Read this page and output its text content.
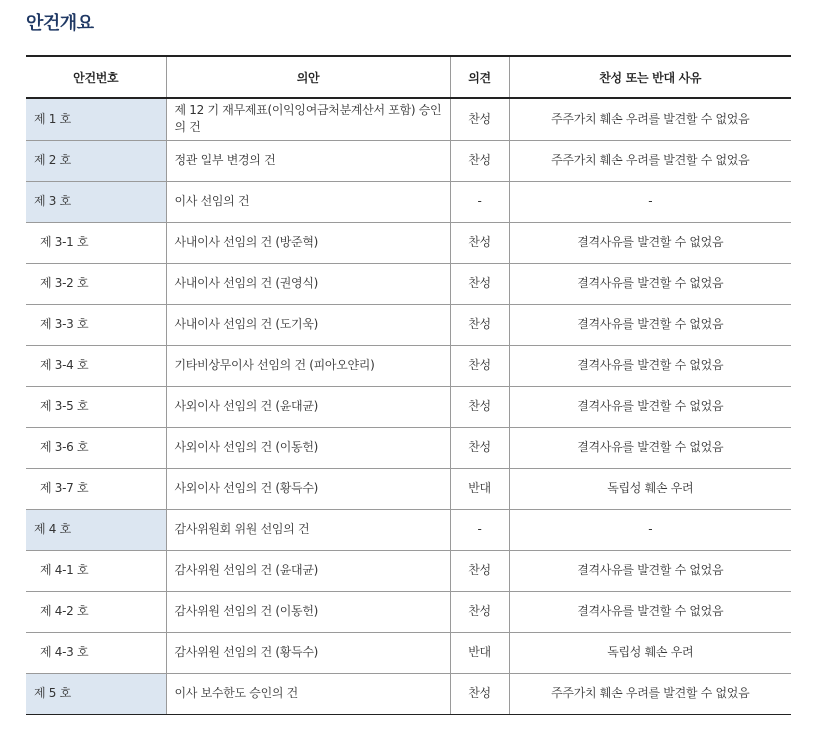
안건개요
안건번호	의안	의견	찬성 또는 반대 사유
제 1 호	제 12 기 재무제표(이익잉여금처분계산서 포함) 승인의 건	찬성	주주가치 훼손 우려를 발견할 수 없었음
제 2 호	정관 일부 변경의 건	찬성	주주가치 훼손 우려를 발견할 수 없었음
제 3 호	이사 선임의 건	-	-
제 3-1 호	사내이사 선임의 건 (방준혁)	찬성	결격사유를 발견할 수 없었음
제 3-2 호	사내이사 선임의 건 (권영식)	찬성	결격사유를 발견할 수 없었음
제 3-3 호	사내이사 선임의 건 (도기욱)	찬성	결격사유를 발견할 수 없었음
제 3-4 호	기타비상무이사 선임의 건 (피아오얀리)	찬성	결격사유를 발견할 수 없었음
제 3-5 호	사외이사 선임의 건 (윤대균)	찬성	결격사유를 발견할 수 없었음
제 3-6 호	사외이사 선임의 건 (이동헌)	찬성	결격사유를 발견할 수 없었음
제 3-7 호	사외이사 선임의 건 (황득수)	반대	독립성 훼손 우려
제 4 호	감사위원회 위원 선임의 건	-	-
제 4-1 호	감사위원 선임의 건 (윤대균)	찬성	결격사유를 발견할 수 없었음
제 4-2 호	감사위원 선임의 건 (이동헌)	찬성	결격사유를 발견할 수 없었음
제 4-3 호	감사위원 선임의 건 (황득수)	반대	독립성 훼손 우려
제 5 호	이사 보수한도 승인의 건	찬성	주주가치 훼손 우려를 발견할 수 없었음
